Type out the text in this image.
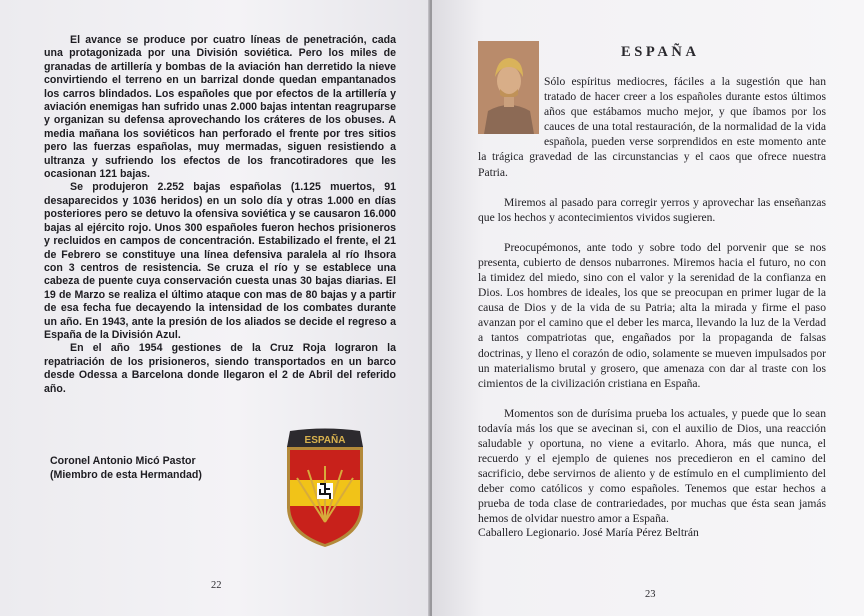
El avance se produce por cuatro líneas de penetración, cada una protagonizada por una División soviética. Pero los miles de granadas de artillería y bombas de la aviación han derretido la nieve convirtiendo el terreno en un barrizal donde quedan empantanados los carros blindados. Los españoles que por efectos de la artillería y aviación enemigas han sufrido unas 2.000 bajas intentan reagruparse y organizan su defensa aprovechando los cráteres de los obuses. A media mañana los soviéticos han perforado el frente por tres sitios pero las fuerzas españolas, muy mermadas, siguen resistiendo a ultranza y sufriendo los efectos de los francotiradores que les ocasionan 121 bajas.

Se produjeron 2.252 bajas españolas (1.125 muertos, 91 desaparecidos y 1036 heridos) en un solo día y otras 1.000 en días posteriores pero se detuvo la ofensiva soviética y se causaron 16.000 bajas al ejército rojo. Unos 300 españoles fueron hechos prisioneros y recluidos en campos de concentración. Estabilizado el frente, el 21 de Febrero se constituye una línea defensiva paralela al río Ihsora con 3 centros de resistencia. Se cruza el río y se establece una cabeza de puente cuya conservación cuesta unas 30 bajas diarias. El 19 de Marzo se realiza el último ataque con mas de 80 bajas y a partir de esa fecha fue decayendo la intensidad de los combates durante un año. En 1943, ante la presión de los aliados se decide el regreso a España de la División Azul.

En el año 1954 gestiones de la Cruz Roja lograron la repatriación de los prisioneros, siendo transportados en un barco desde Odessa a Barcelona donde llegaron el 2 de Abril del referido año.

Coronel Antonio Micó Pastor
(Miembro de esta Hermandad)
ESPAÑA
22
ESPAÑA

Sólo espíritus mediocres, fáciles a la sugestión que han tratado de hacer creer a los españoles durante estos últimos años que estábamos mucho mejor, y que íbamos por los cauces de una total restauración, de la normalidad de la vida española, pueden verse sorprendidos en este momento ante la trágica gravedad de las circunstancias y el caos que ofrece nuestra Patria.

Miremos al pasado para corregir yerros y aprovechar las enseñanzas que los hechos y acontecimientos vividos sugieren.

Preocupémonos, ante todo y sobre todo del porvenir que se nos presenta, cubierto de densos nubarrones. Miremos hacia el futuro, no con la timidez del miedo, sino con el valor y la serenidad de la confianza en Dios. Los hombres de ideales, los que se preocupan en primer lugar de la causa de Dios y de la vida de su Patria; alta la mirada y firme el paso avanzan por el camino que el deber les marca, llevando la luz de la Verdad a tantos compatriotas que, engañados por la propaganda de falsas doctrinas, y lleno el corazón de odio, solamente se mueven impulsados por un materialismo brutal y grosero, que amenaza con dar al traste con los cimientos de la civilización cristiana en España.

Momentos son de durísima prueba los actuales, y puede que lo sean todavía más los que se avecinan si, con el auxilio de Dios, una reacción saludable y oportuna, no viene a evitarlo. Ahora, más que nunca, el recuerdo y el ejemplo de quienes nos precedieron en el camino del sacrificio, debe servirnos de aliento y de estímulo en el cumplimiento del deber como católicos y como españoles. Tenemos que estar hechos a prueba de toda clase de contrariedades, por muchas que ésta sean jamás hemos de olvidar nuestro amor a España.

Caballero Legionario. José María Pérez Beltrán
23
